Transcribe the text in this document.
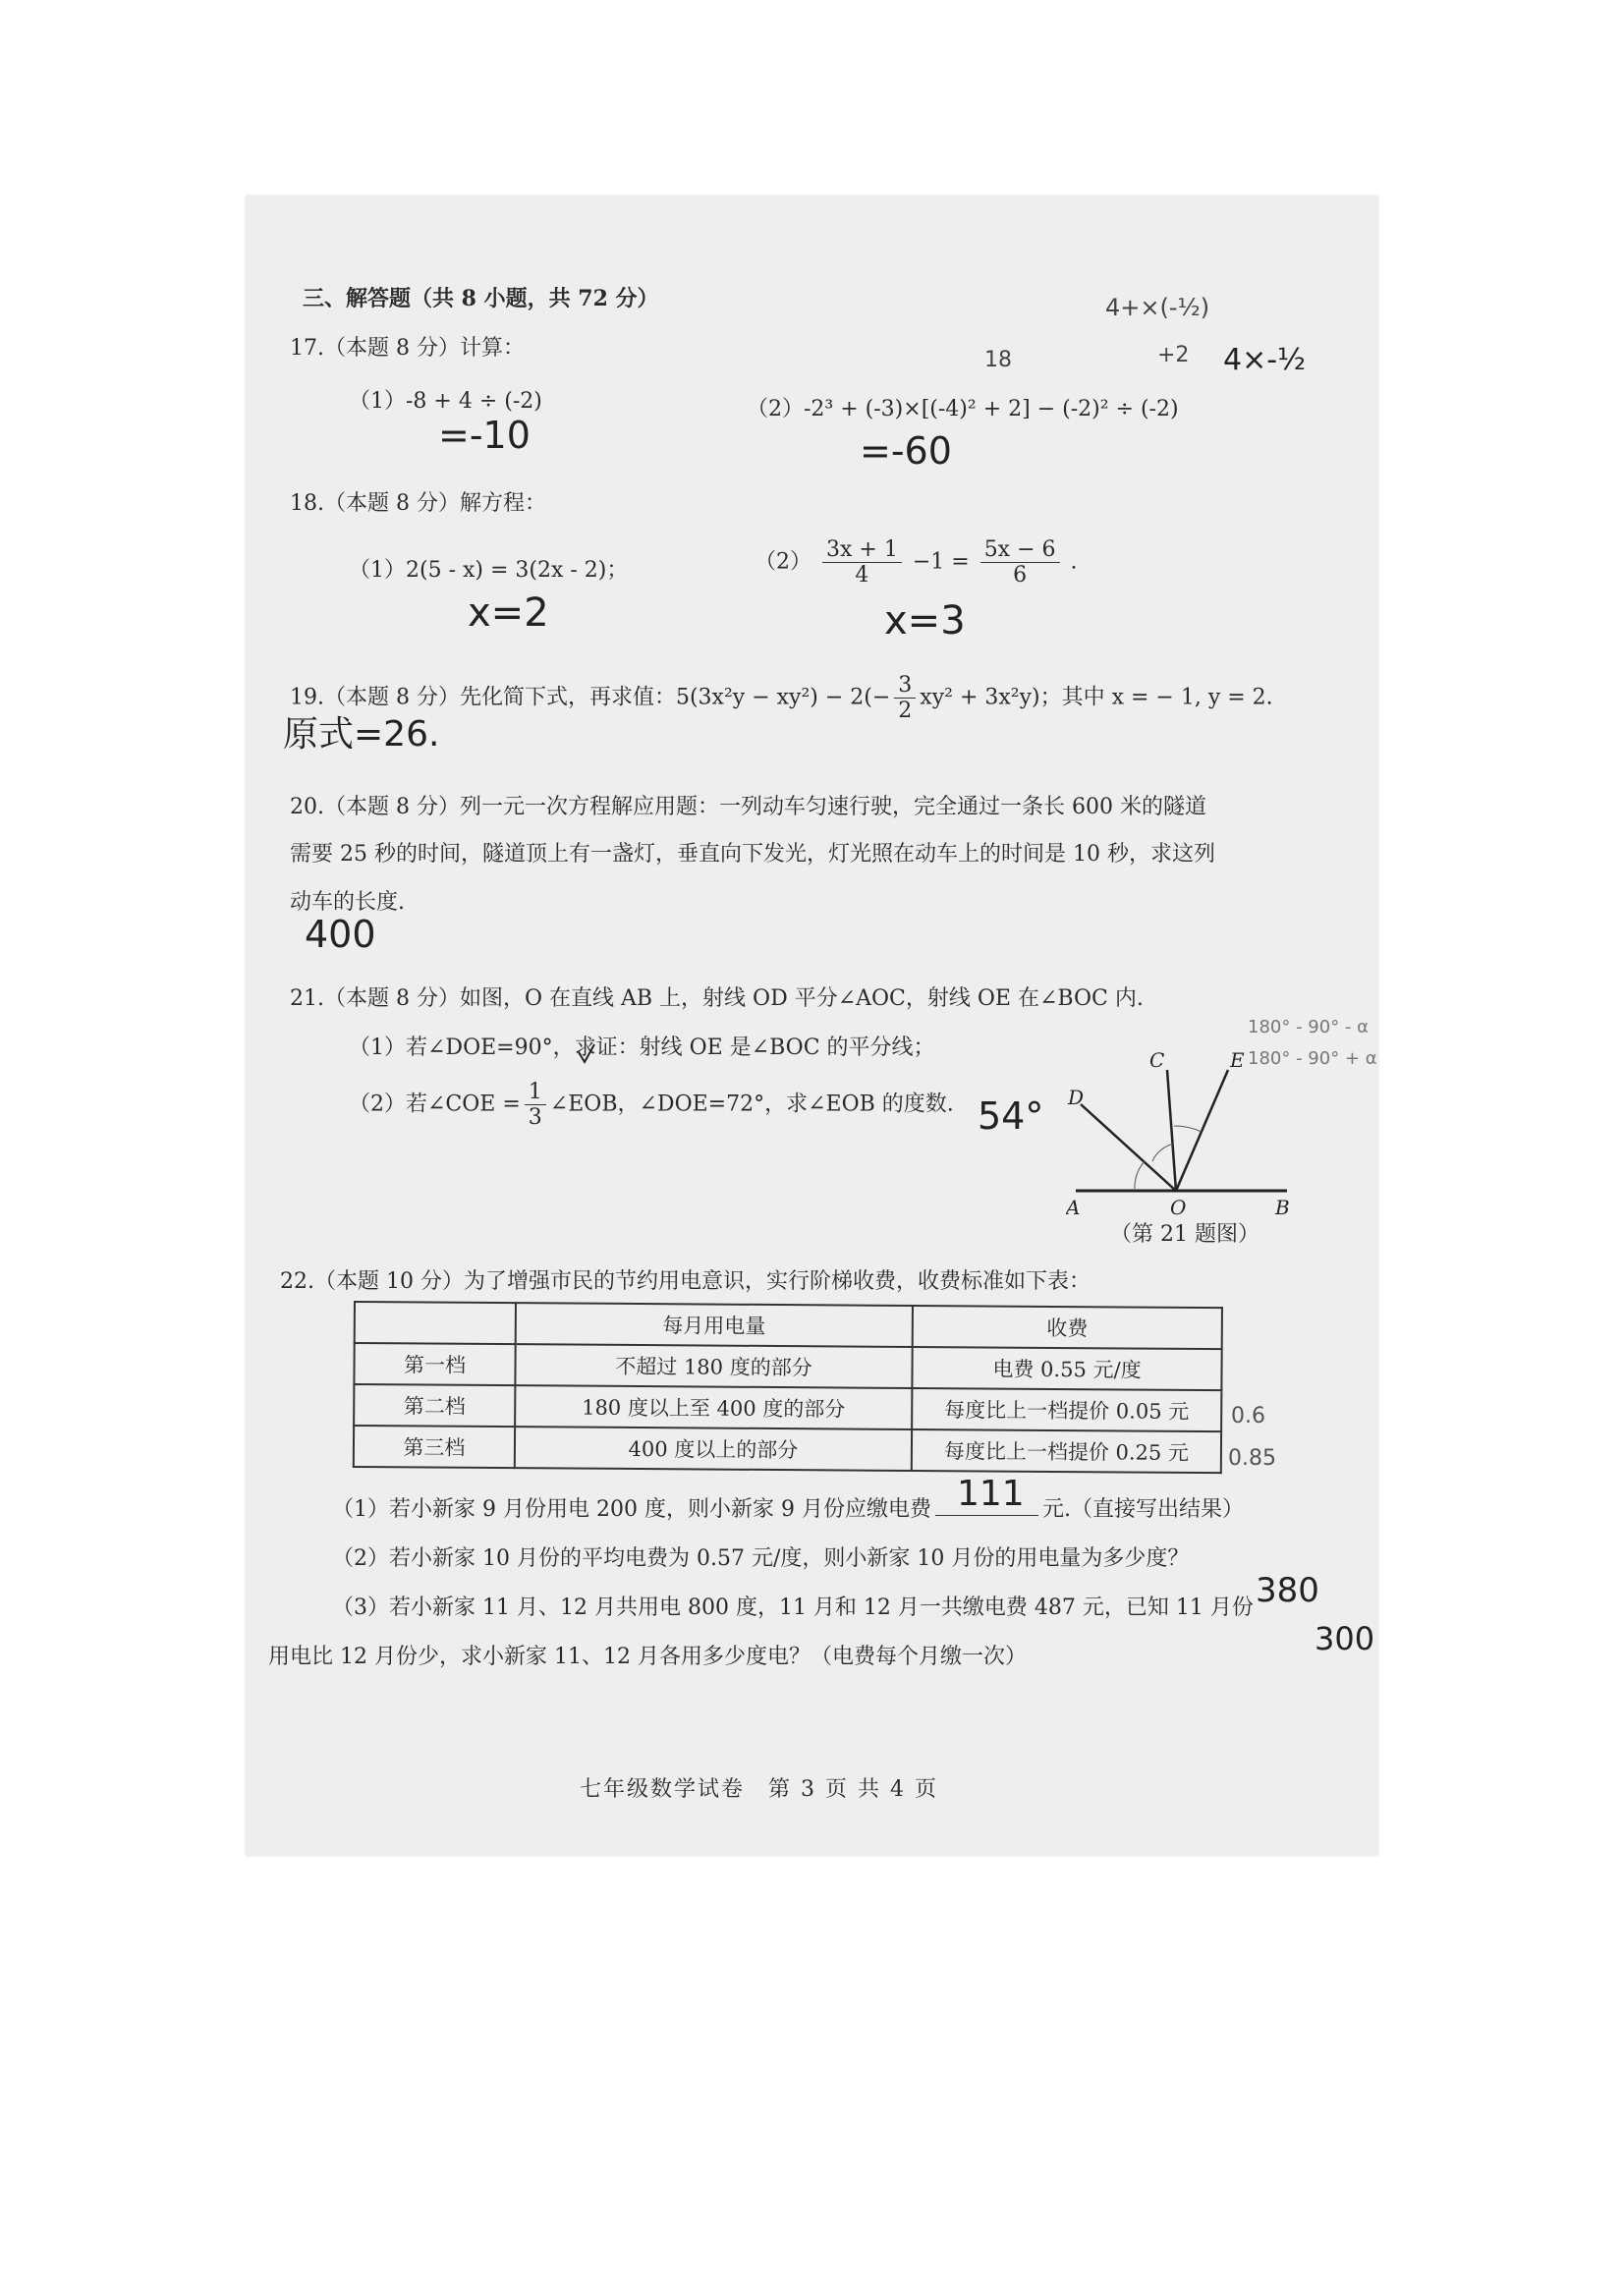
三、解答题（共 8 小题，共 72 分）
17.（本题 8 分）计算：
（1）-8 + 4 ÷ (-2)	（2）-2³ + (-3)×[(-4)² + 2] − (-2)² ÷ (-2)
=-10	=-60
18.（本题 8 分）解方程：
（1）2(5 - x) = 3(2x - 2)；	$(2) \frac{3x + 1}{4} -1 = \frac{5x - 6}{6}$ .
x=2	x=3
19.（本题 8 分）先化简下式，再求值：$5(3x^2y - xy^2) - 2(- \frac{3}{2} xy^2 + 3x^2y)$；其中 x = − 1, y = 2.
原式=26.
20.（本题 8 分）列一元一次方程解应用题：一列动车匀速行驶，完全通过一条长 600 米的隧道
需要 25 秒的时间，隧道顶上有一盏灯，垂直向下发光，灯光照在动车上的时间是 10 秒，求这列
动车的长度.
400
21.（本题 8 分）如图，O 在直线 AB 上，射线 OD 平分∠AOC，射线 OE 在∠BOC 内.
（1）若∠DOE=90°，求证：射线 OE 是∠BOC 的平分线；
（2）若∠COE = $\frac{1}{3}$ ∠EOB，∠DOE=72°，求∠EOB 的度数. 54°
A	O	B
C
D
E
（第 21 题图）
22.（本题 10 分）为了增强市民的节约用电意识，实行阶梯收费，收费标准如下表：
	每月用电量	收费
第一档	不超过 180 度的部分	电费 0.55 元/度
第二档	180 度以上至 400 度的部分	每度比上一档提价 0.05 元
第三档	400 度以上的部分	每度比上一档提价 0.25 元
0.6
0.85
（1）若小新家 9 月份用电 200 度，则小新家 9 月份应缴电费 111 元.（直接写出结果）
（2）若小新家 10 月份的平均电费为 0.57 元/度，则小新家 10 月份的用电量为多少度？
380
（3）若小新家 11 月、12 月共用电 800 度，11 月和 12 月一共缴电费 487 元，已知 11 月份
用电比 12 月份少，求小新家 11、12 月各用多少度电？（电费每个月缴一次）	300
4+×(-½)
18	+2 4×-½
180° - 90° - α
180° - 90° + α
七年级数学试卷　第 3 页 共 4 页
